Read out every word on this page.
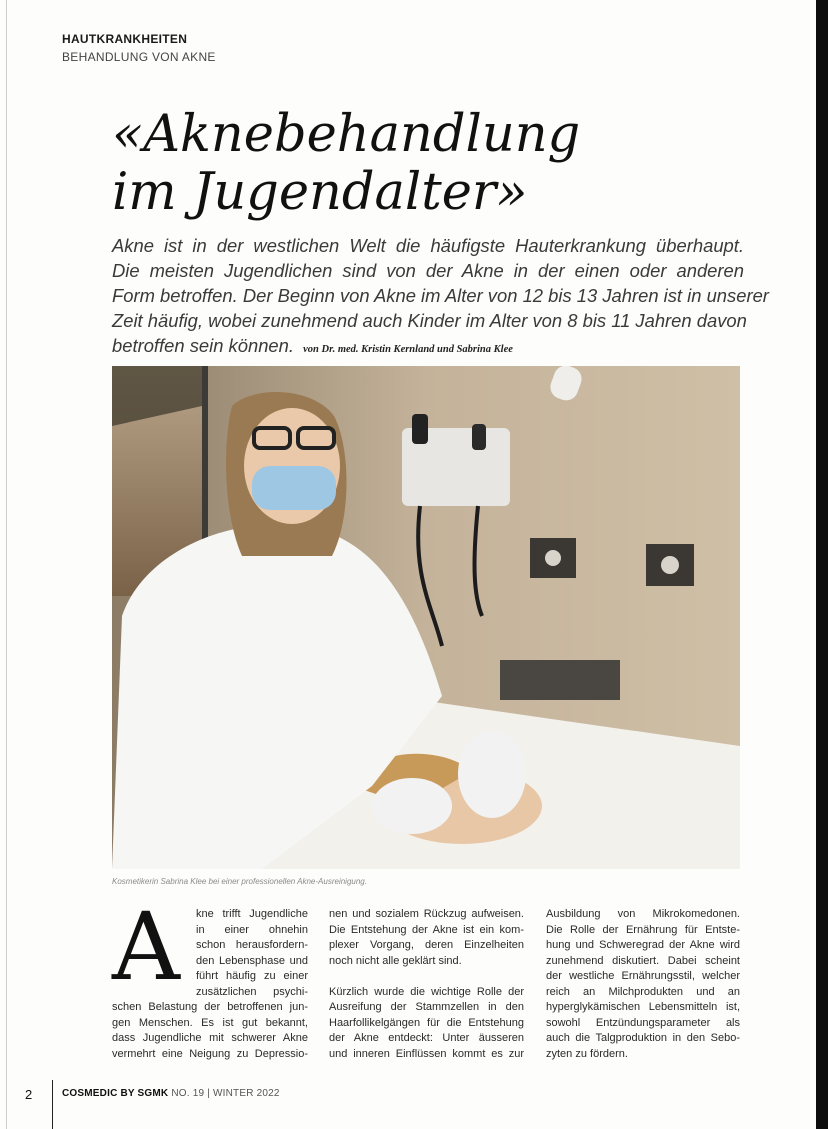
HAUTKRANKHEITEN
BEHANDLUNG VON AKNE
«Aknebehandlung
im Jugendalter»

Akne ist in der westlichen Welt die häufigste Hauterkrankung überhaupt.
Die meisten Jugendlichen sind von der Akne in der einen oder anderen
Form betroffen. Der Beginn von Akne im Alter von 12 bis 13 Jahren ist in unserer
Zeit häufig, wobei zunehmend auch Kinder im Alter von 8 bis 11 Jahren davon
betroffen sein können. von Dr. med. Kristin Kernland und Sabrina Klee

Kosmetikerin Sabrina Klee bei einer professionellen Akne-Ausreinigung.
A kne trifft Jugendliche
in einer ohnehin
schon herausfordern-
den Lebensphase und
führt häufig zu einer
zusätzlichen psychi-
schen Belastung der betroffenen jun-
gen Menschen. Es ist gut bekannt,
dass Jugendliche mit schwerer Akne
vermehrt eine Neigung zu Depressio-
nen und sozialem Rückzug aufweisen.
Die Entstehung der Akne ist ein kom-
plexer Vorgang, deren Einzelheiten
noch nicht alle geklärt sind.
Kürzlich wurde die wichtige Rolle der
Ausreifung der Stammzellen in den
Haarfollikelgängen für die Entstehung
der Akne entdeckt: Unter äusseren
und inneren Einflüssen kommt es zur
Ausbildung von Mikrokomedonen.
Die Rolle der Ernährung für Entste-
hung und Schweregrad der Akne wird
zunehmend diskutiert. Dabei scheint
der westliche Ernährungsstil, welcher
reich an Milchprodukten und an
hyperglykämischen Lebensmitteln ist,
sowohl Entzündungsparameter als
auch die Talgproduktion in den Sebo-
zyten zu fördern.
2	COSMEDIC BY SGMK NO. 19 | WINTER 2022
